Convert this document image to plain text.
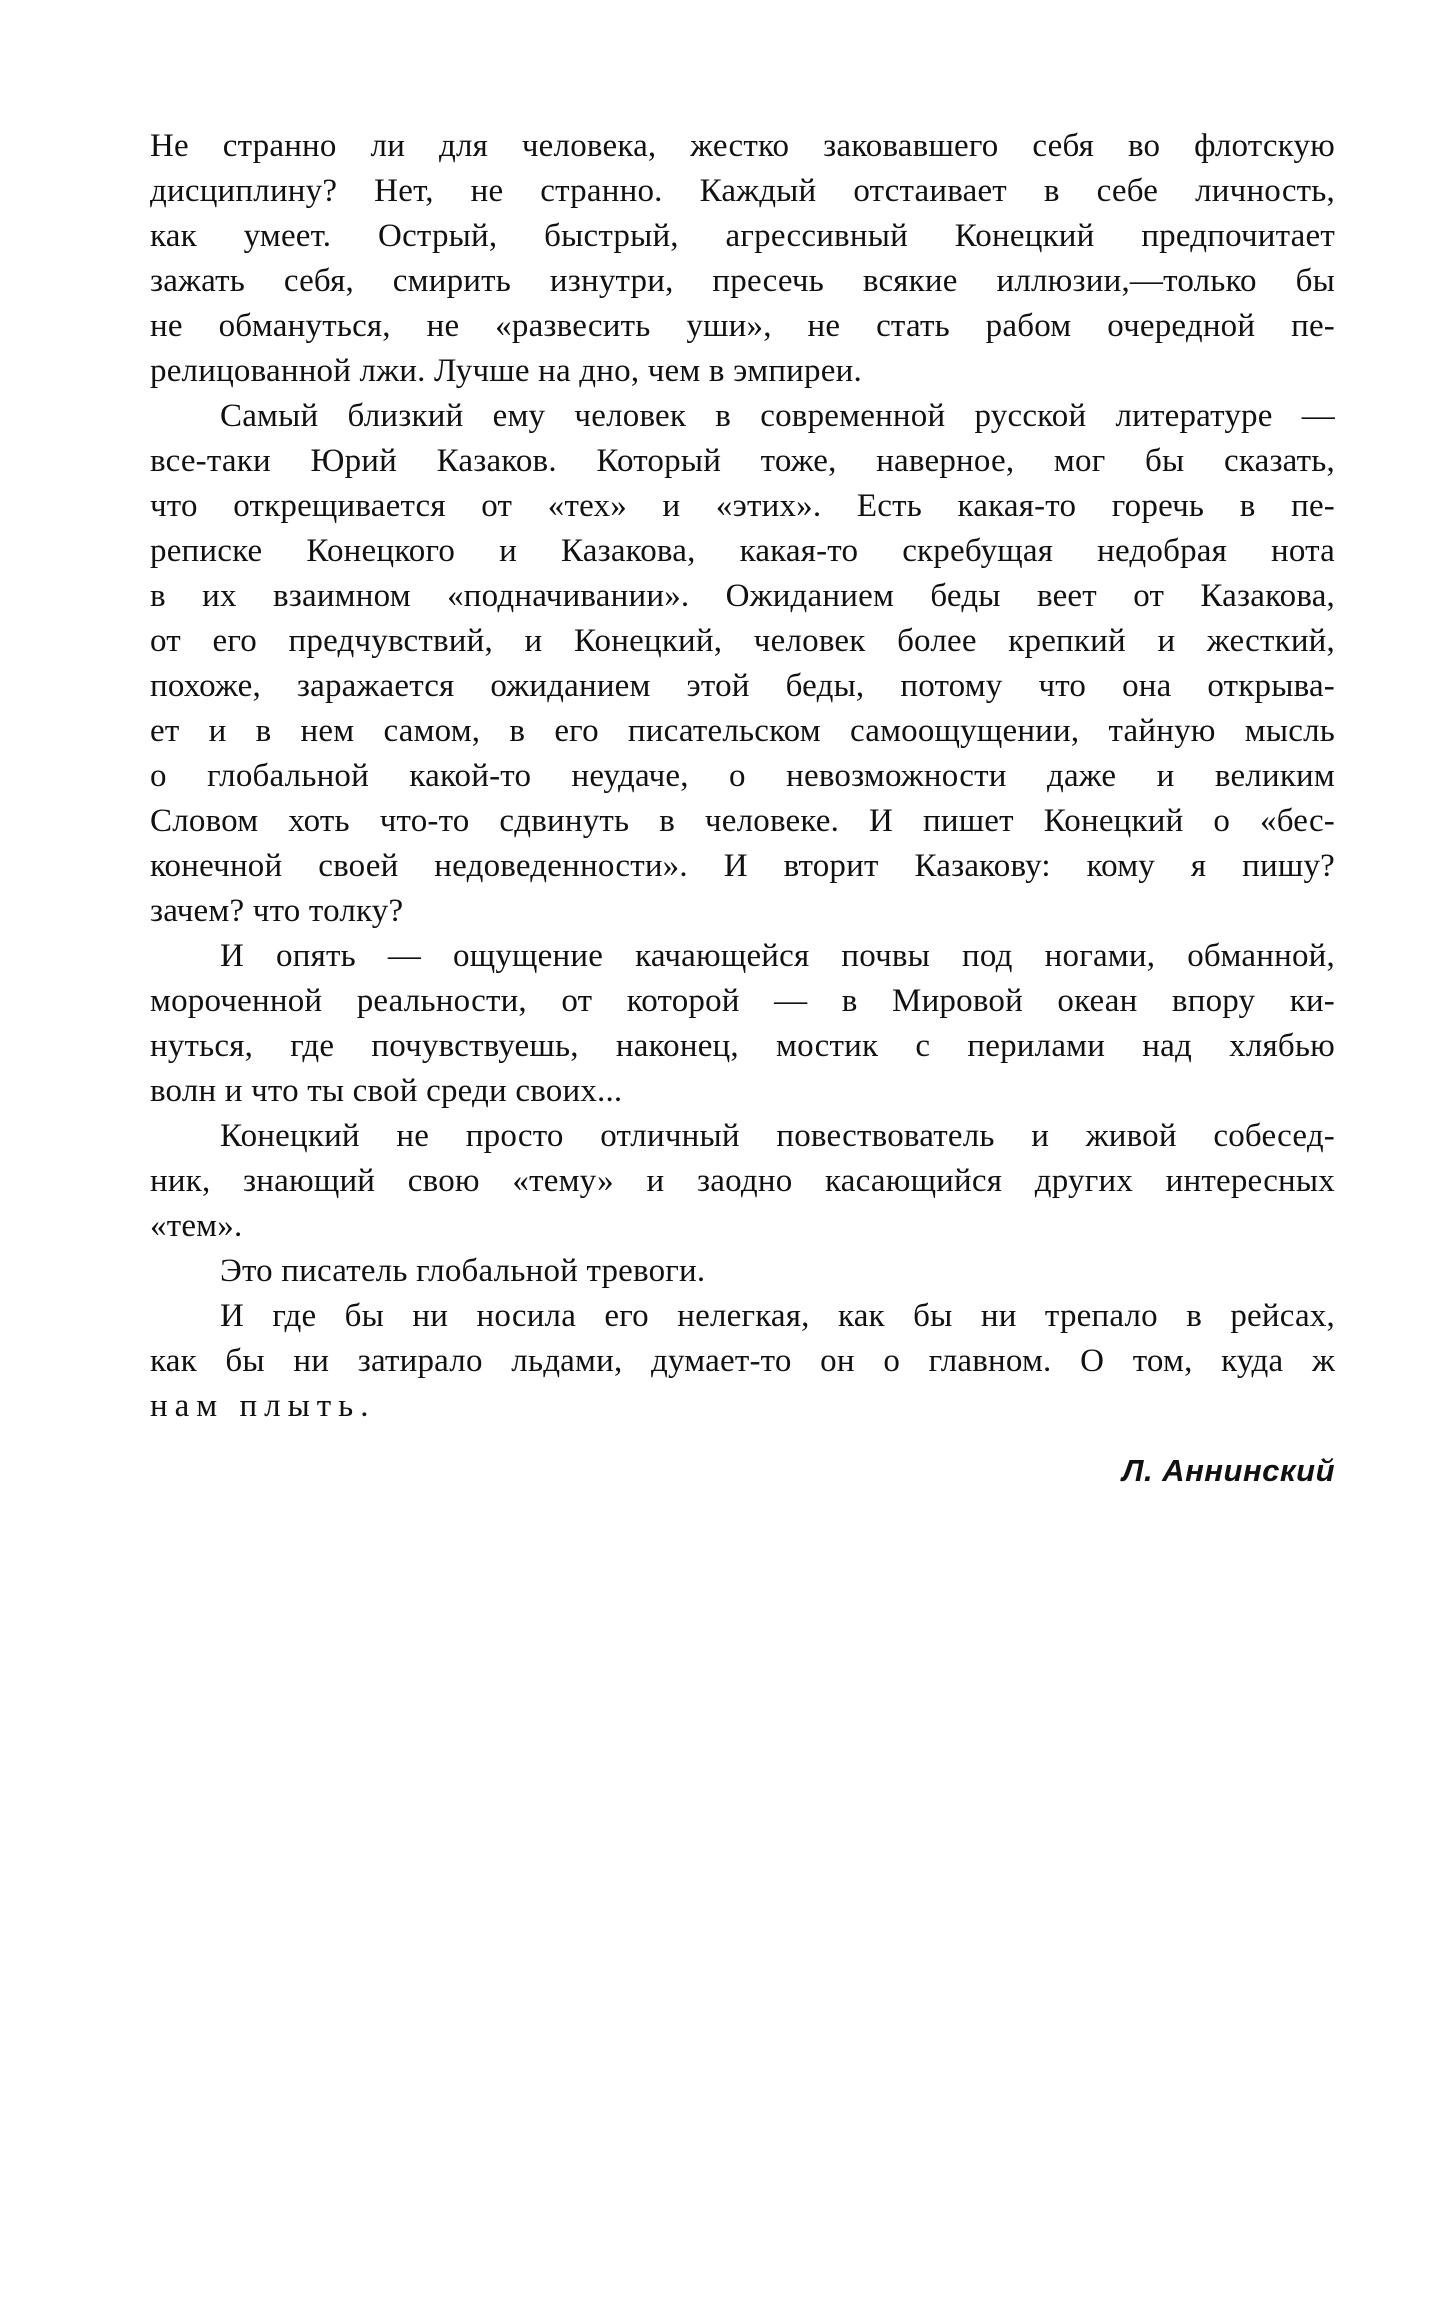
Не странно ли для человека, жестко заковавшего себя во флотскую
дисциплину? Нет, не странно. Каждый отстаивает в себе личность,
как умеет. Острый, быстрый, агрессивный Конецкий предпочитает
зажать себя, смирить изнутри, пресечь всякие иллюзии,—только бы
не обмануться, не «развесить уши», не стать рабом очередной пе-
релицованной лжи. Лучше на дно, чем в эмпиреи.
Самый близкий ему человек в современной русской литературе —
все-таки Юрий Казаков. Который тоже, наверное, мог бы сказать,
что открещивается от «тех» и «этих». Есть какая-то горечь в пе-
реписке Конецкого и Казакова, какая-то скребущая недобрая нота
в их взаимном «подначивании». Ожиданием беды веет от Казакова,
от его предчувствий, и Конецкий, человек более крепкий и жесткий,
похоже, заражается ожиданием этой беды, потому что она открыва-
ет и в нем самом, в его писательском самоощущении, тайную мысль
о глобальной какой-то неудаче, о невозможности даже и великим
Словом хоть что-то сдвинуть в человеке. И пишет Конецкий о «бес-
конечной своей недоведенности». И вторит Казакову: кому я пишу?
зачем? что толку?
И опять — ощущение качающейся почвы под ногами, обманной,
мороченной реальности, от которой — в Мировой океан впору ки-
нуться, где почувствуешь, наконец, мостик с перилами над хлябью
волн и что ты свой среди своих...
Конецкий не просто отличный повествователь и живой собесед-
ник, знающий свою «тему» и заодно касающийся других интересных
«тем».
Это писатель глобальной тревоги.
И где бы ни носила его нелегкая, как бы ни трепало в рейсах,
как бы ни затирало льдами, думает-то он о главном. О том, куда ж
нам плыть.
Л. Аннинский
